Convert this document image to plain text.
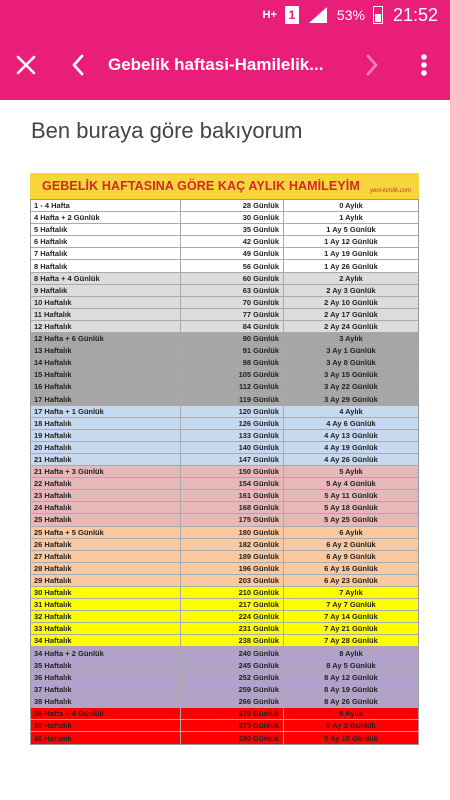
H+ 1	53% 21:52
Gebelik haftasi-Hamilelik...
Ben buraya göre bakıyorum
GEBELİK HAFTASINA GÖRE KAÇ AYLIK HAMİLEYİM yeni-kimlik.com
1 - 4 Hafta	28 Günlük	0 Aylık
4 Hafta + 2 Günlük	30 Günlük	1 Aylık
5 Haftalık	35 Günlük	1 Ay 5 Günlük
6 Haftalık	42 Günlük	1 Ay 12 Günlük
7 Haftalık	49 Günlük	1 Ay 19 Günlük
8 Haftalık	56 Günlük	1 Ay 26 Günlük
8 Hafta + 4 Günlük	60 Günlük	2 Aylık
9 Haftalık	63 Günlük	2 Ay 3 Günlük
10 Haftalık	70 Günlük	2 Ay 10 Günlük
11 Haftalık	77 Günlük	2 Ay 17 Günlük
12 Haftalık	84 Günlük	2 Ay 24 Günlük
12 Hafta + 6 Günlük	90 Günlük	3 Aylık
13 Haftalık	91 Günlük	3 Ay 1 Günlük
14 Haftalık	98 Günlük	3 Ay 8 Günlük
15 Haftalık	105 Günlük	3 Ay 15 Günlük
16 Haftalık	112 Günlük	3 Ay 22 Günlük
17 Haftalık	119 Günlük	3 Ay 29 Günlük
17 Hafta + 1 Günlük	120 Günlük	4 Aylık
18 Haftalık	126 Günlük	4 Ay 6 Günlük
19 Haftalık	133 Günlük	4 Ay 13 Günlük
20 Haftalık	140 Günlük	4 Ay 19 Günlük
21 Haftalık	147 Günlük	4 Ay 26 Günlük
21 Hafta + 3 Günlük	150 Günlük	5 Aylık
22 Haftalık	154 Günlük	5 Ay 4 Günlük
23 Haftalık	161 Günlük	5 Ay 11 Günlük
24 Haftalık	168 Günlük	5 Ay 18 Günlük
25 Haftalık	175 Günlük	5 Ay 25 Günlük
25 Hafta + 5 Günlük	180 Günlük	6 Aylık
26 Haftalık	182 Günlük	6 Ay 2 Günlük
27 Haftalık	189 Günlük	6 Ay 9 Günlük
28 Haftalık	196 Günlük	6 Ay 16 Günlük
29 Haftalık	203 Günlük	6 Ay 23 Günlük
30 Haftalık	210 Günlük	7 Aylık
31 Haftalık	217 Günlük	7 Ay 7 Günlük
32 Haftalık	224 Günlük	7 Ay 14 Günlük
33 Haftalık	231 Günlük	7 Ay 21 Günlük
34 Haftalık	238 Günlük	7 Ay 28 Günlük
34 Hafta + 2 Günlük	240 Günlük	8 Aylık
35 Haftalık	245 Günlük	8 Ay 5 Günlük
36 Haftalık	252 Günlük	8 Ay 12 Günlük
37 Haftalık	259 Günlük	8 Ay 19 Günlük
38 Haftalık	266 Günlük	8 Ay 26 Günlük
38 Hafta + 4 Günlük	270 Günlük	9 Aylık
39 Haftalık	273 Günlük	9 Ay 3 Günlük
40 Haftalık	280 Günlük	9 Ay 10 Günlük
